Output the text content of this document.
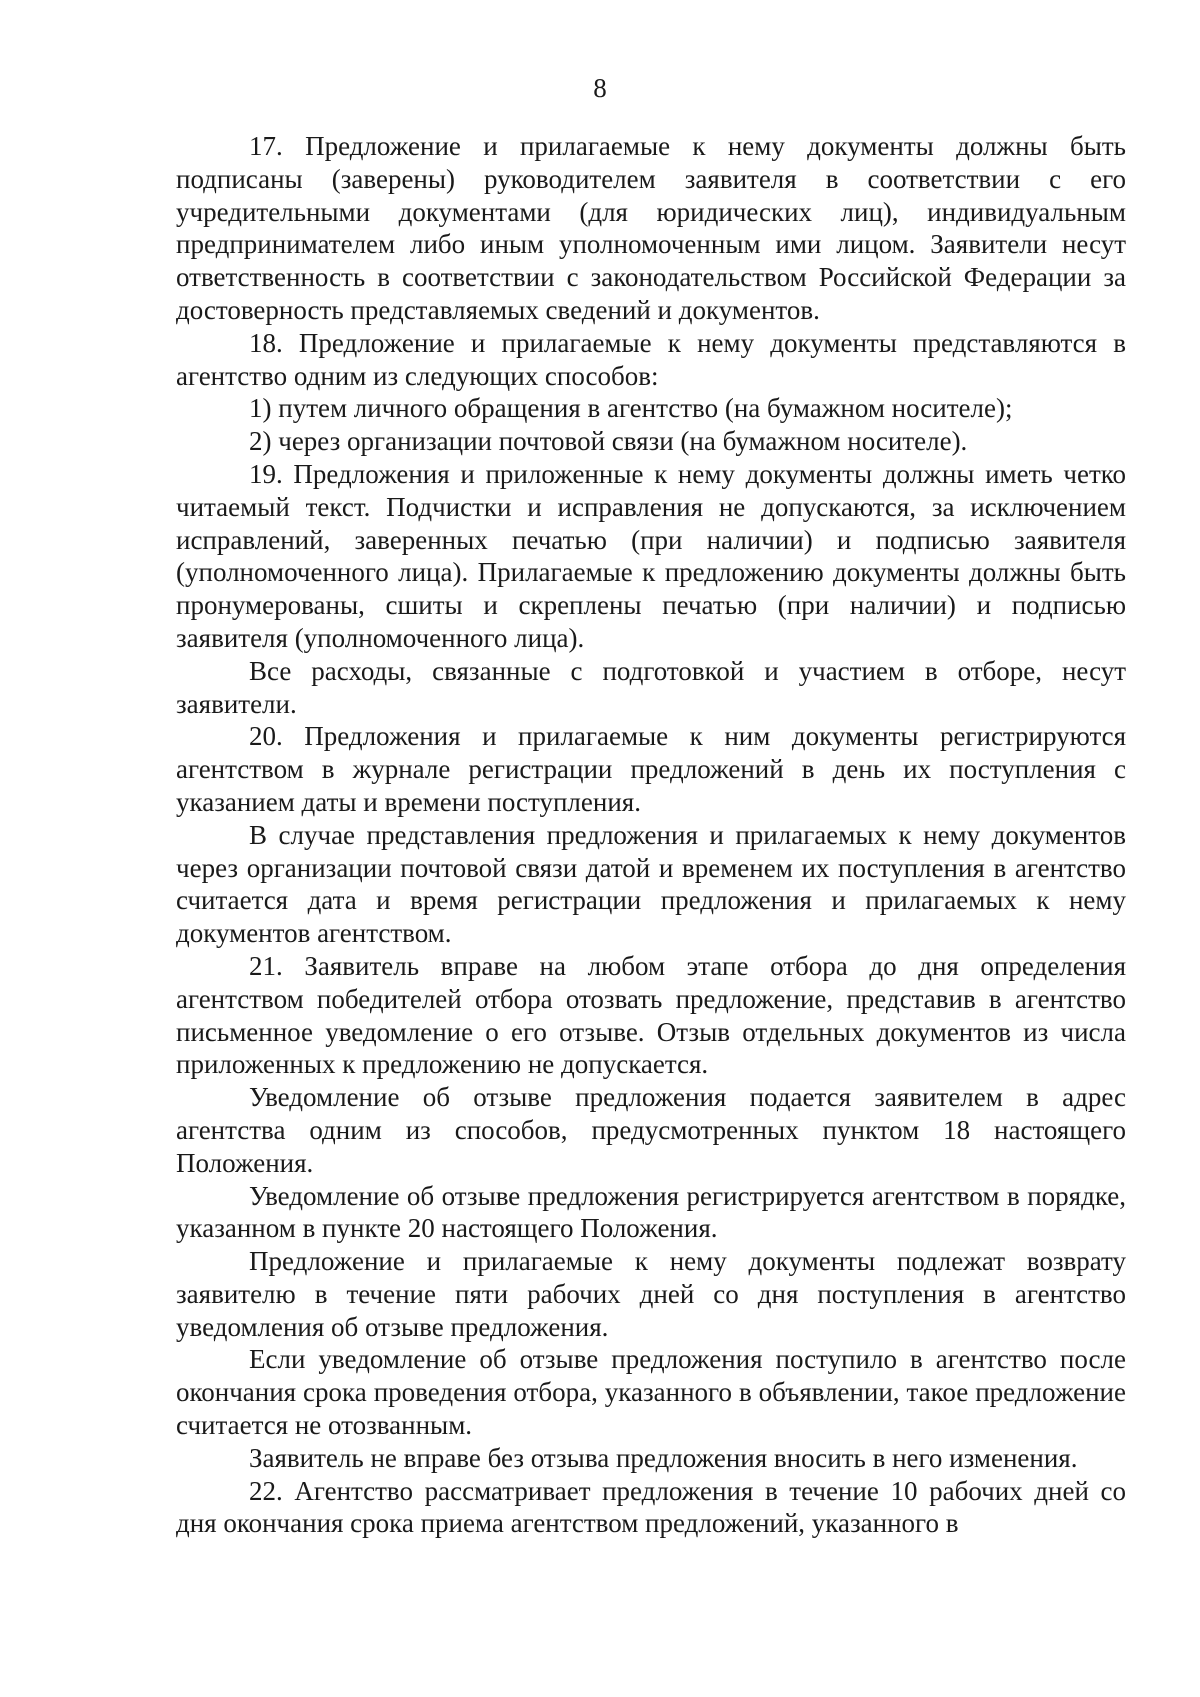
8

17. Предложение и прилагаемые к нему документы должны быть подписаны (заверены) руководителем заявителя в соответствии с его учредительными документами (для юридических лиц), индивидуальным предпринимателем либо иным уполномоченным ими лицом. Заявители несут ответственность в соответствии с законодательством Российской Федерации за достоверность представляемых сведений и документов.

18. Предложение и прилагаемые к нему документы представляются в агентство одним из следующих способов:

1) путем личного обращения в агентство (на бумажном носителе);

2) через организации почтовой связи (на бумажном носителе).

19. Предложения и приложенные к нему документы должны иметь четко читаемый текст. Подчистки и исправления не допускаются, за исключением исправлений, заверенных печатью (при наличии) и подписью заявителя (уполномоченного лица). Прилагаемые к предложению документы должны быть пронумерованы, сшиты и скреплены печатью (при наличии) и подписью заявителя (уполномоченного лица).

Все расходы, связанные с подготовкой и участием в отборе, несут заявители.

20. Предложения и прилагаемые к ним документы регистрируются агентством в журнале регистрации предложений в день их поступления с указанием даты и времени поступления.

В случае представления предложения и прилагаемых к нему документов через организации почтовой связи датой и временем их поступления в агентство считается дата и время регистрации предложения и прилагаемых к нему документов агентством.

21. Заявитель вправе на любом этапе отбора до дня определения агентством победителей отбора отозвать предложение, представив в агентство письменное уведомление о его отзыве. Отзыв отдельных документов из числа приложенных к предложению не допускается.

Уведомление об отзыве предложения подается заявителем в адрес агентства одним из способов, предусмотренных пунктом 18 настоящего Положения.

Уведомление об отзыве предложения регистрируется агентством в порядке, указанном в пункте 20 настоящего Положения.

Предложение и прилагаемые к нему документы подлежат возврату заявителю в течение пяти рабочих дней со дня поступления в агентство уведомления об отзыве предложения.

Если уведомление об отзыве предложения поступило в агентство после окончания срока проведения отбора, указанного в объявлении, такое предложение считается не отозванным.

Заявитель не вправе без отзыва предложения вносить в него изменения.

22. Агентство рассматривает предложения в течение 10 рабочих дней со дня окончания срока приема агентством предложений, указанного в
